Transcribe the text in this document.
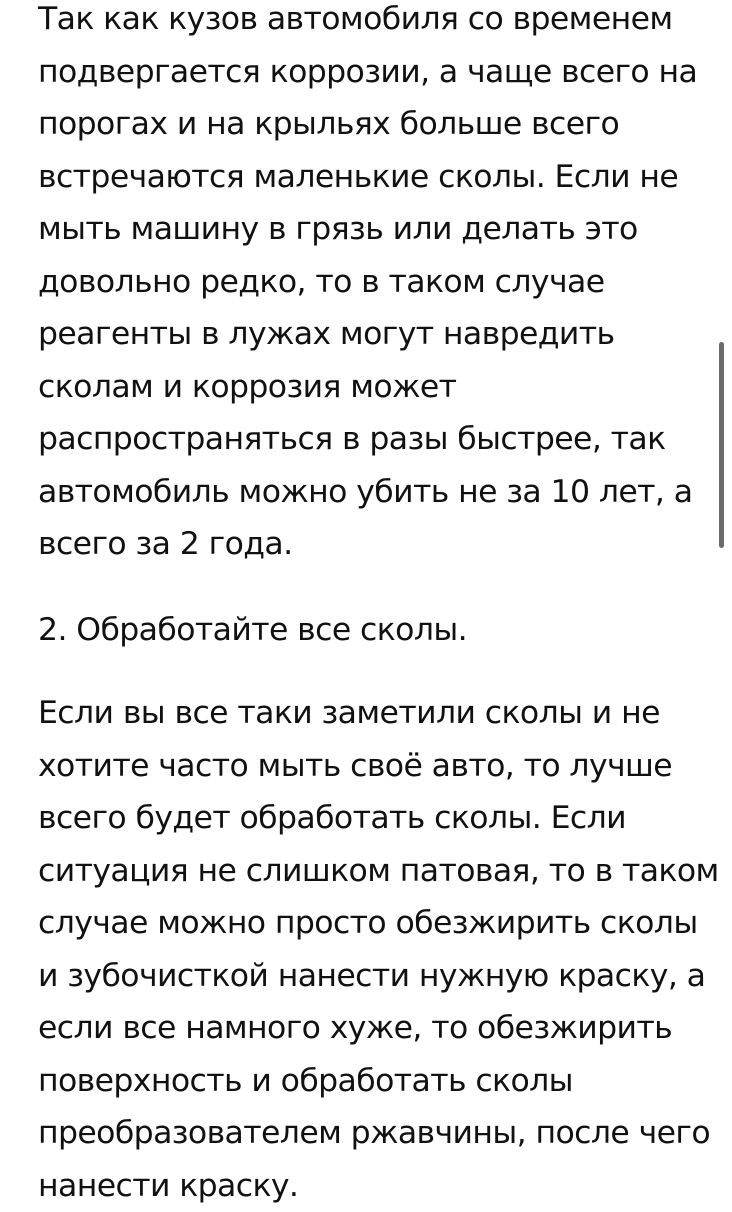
Так как кузов автомобиля со временем
подвергается коррозии, а чаще всего на
порогах и на крыльях больше всего
встречаются маленькие сколы. Если не
мыть машину в грязь или делать это
довольно редко, то в таком случае
реагенты в лужах могут навредить
сколам и коррозия может
распространяться в разы быстрее, так
автомобиль можно убить не за 10 лет, а
всего за 2 года.

2. Обработайте все сколы.

Если вы все таки заметили сколы и не
хотите часто мыть своё авто, то лучше
всего будет обработать сколы. Если
ситуация не слишком патовая, то в таком
случае можно просто обезжирить сколы
и зубочисткой нанести нужную краску, а
если все намного хуже, то обезжирить
поверхность и обработать сколы
преобразователем ржавчины, после чего
нанести краску.
